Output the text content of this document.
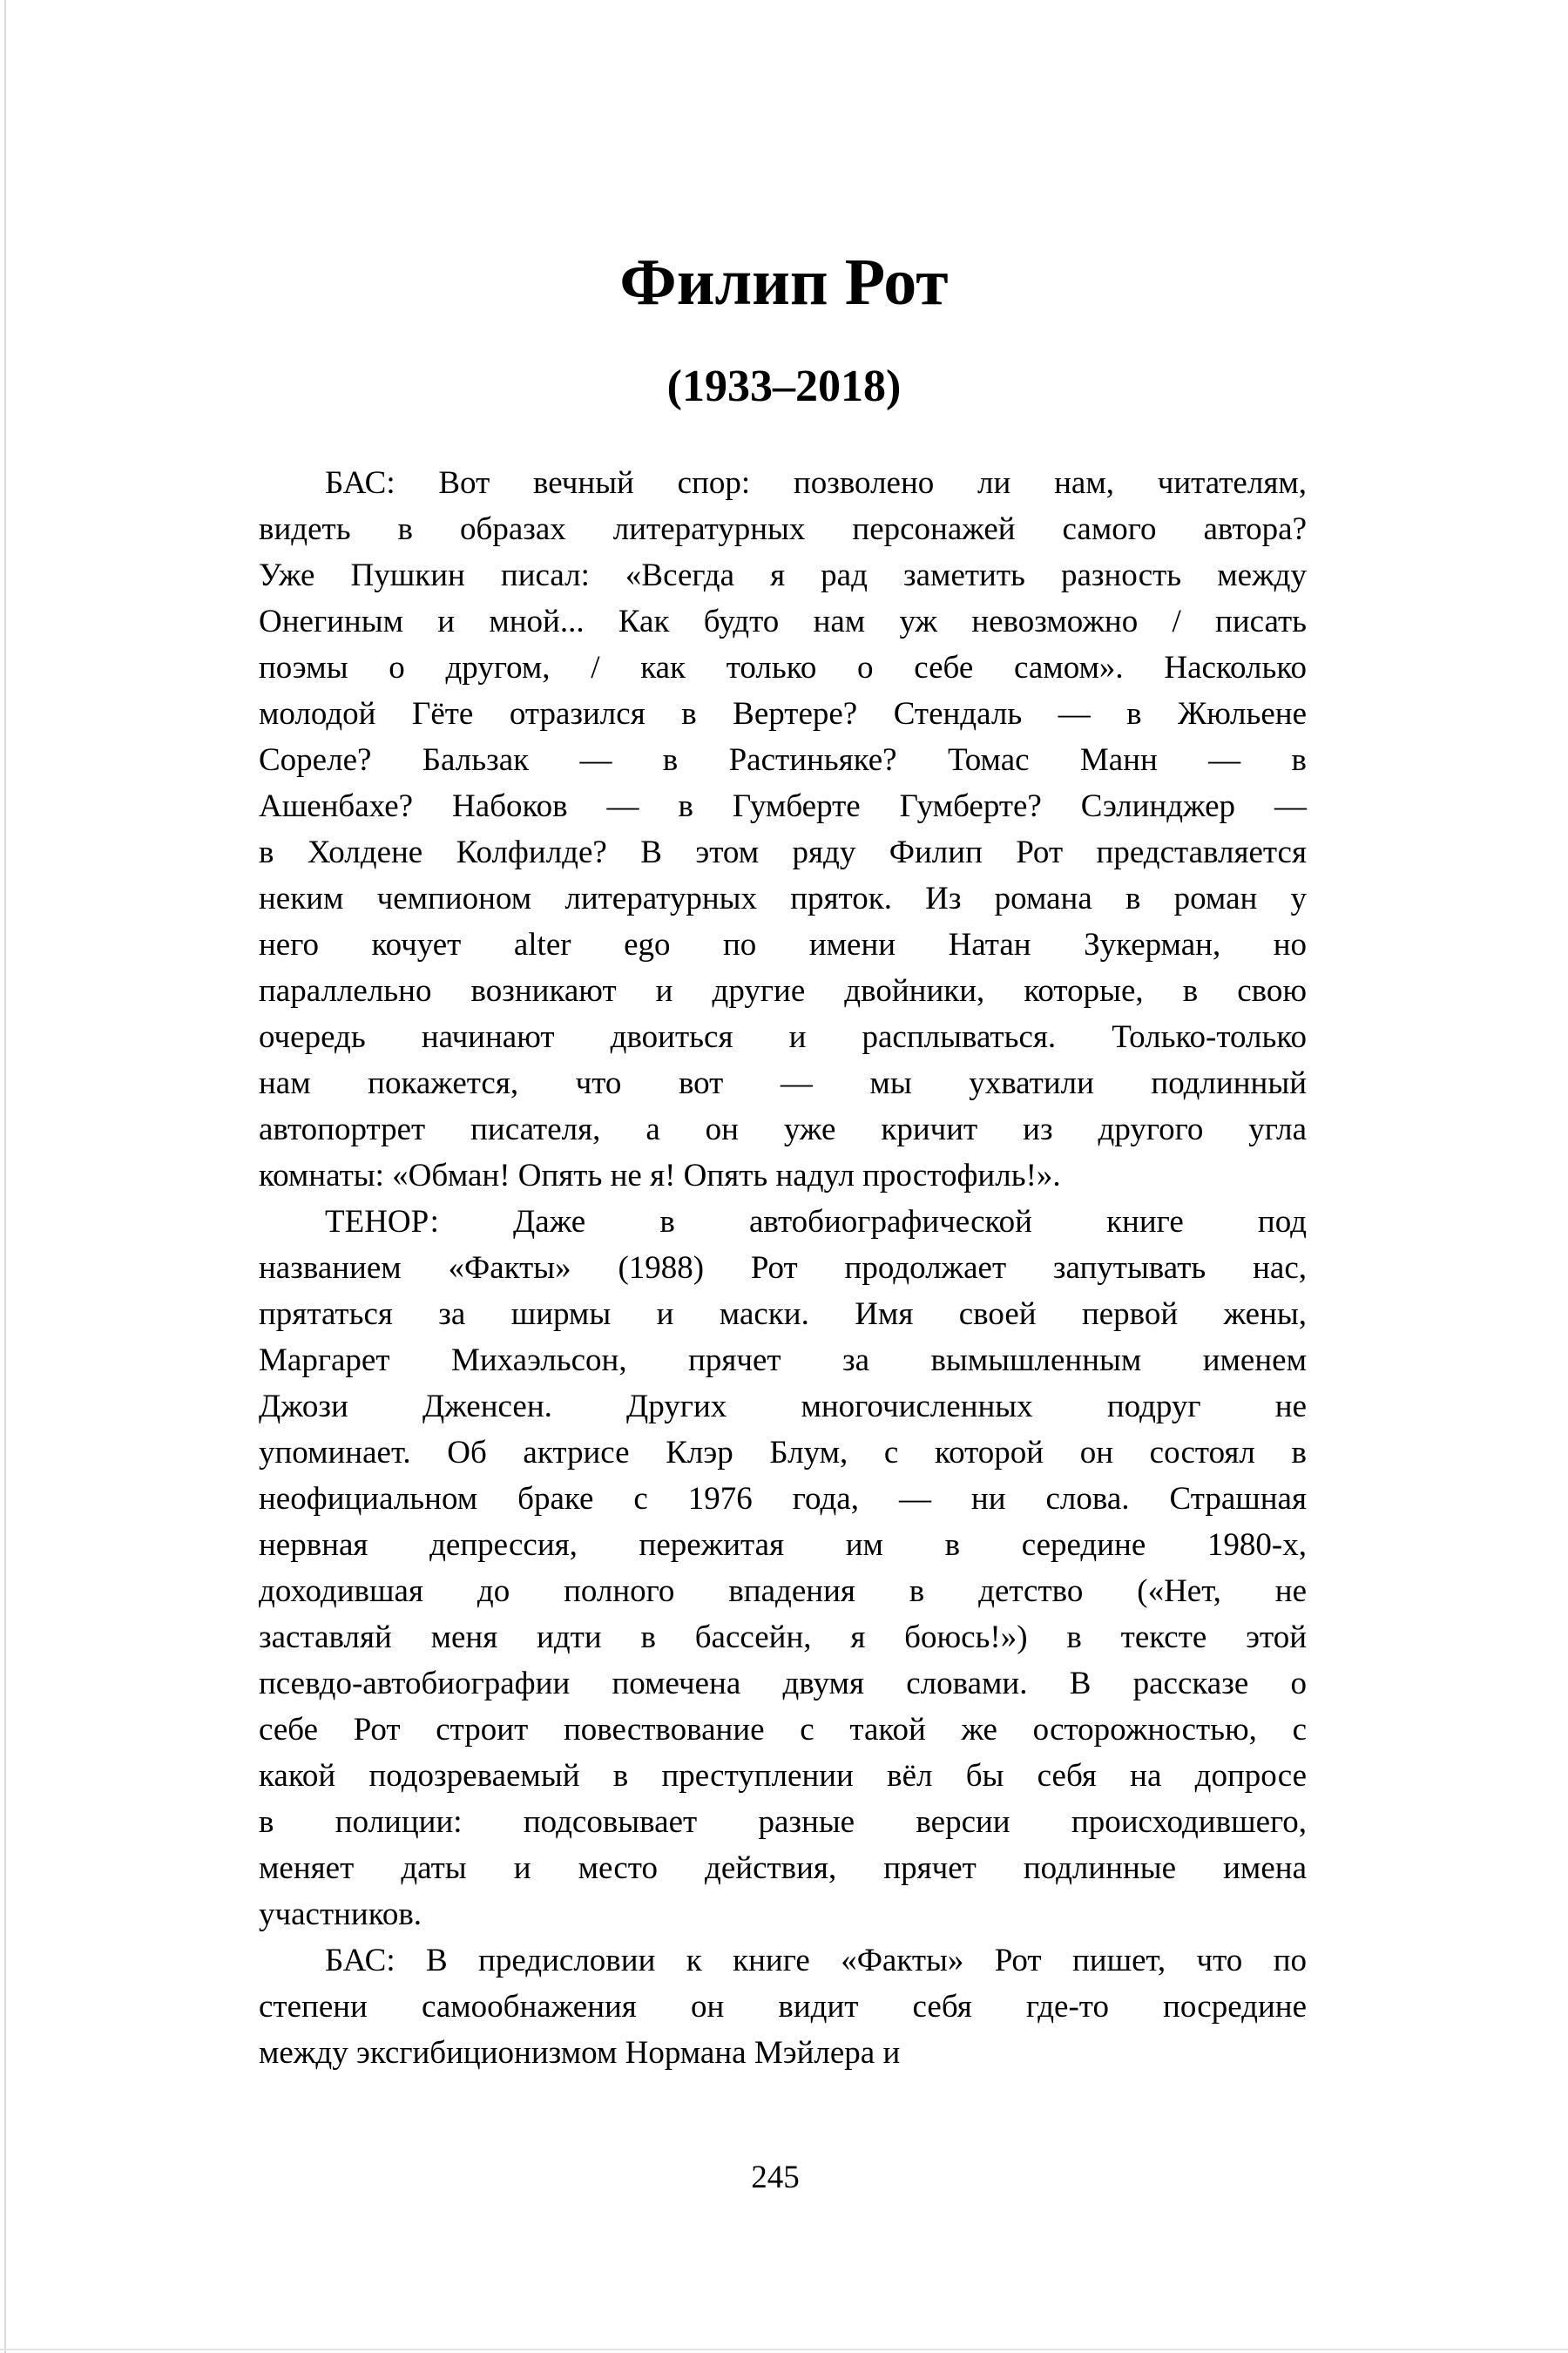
Филип Рот
(1933–2018)
БАС: Вот вечный спор: позволено ли нам, читателям,
видеть в образах литературных персонажей самого автора?
Уже Пушкин писал: «Всегда я рад заметить разность между
Онегиным и мной... Как будто нам уж невозможно / писать
поэмы о другом, / как только о себе самом». Насколько
молодой Гёте отразился в Вертере? Стендаль — в Жюльене
Сореле? Бальзак — в Растиньяке? Томас Манн — в
Ашенбахе? Набоков — в Гумберте Гумберте? Сэлинджер —
в Холдене Колфилде? В этом ряду Филип Рот представляется
неким чемпионом литературных пряток. Из романа в роман у
него кочует alter ego по имени Натан Зукерман, но
параллельно возникают и другие двойники, которые, в свою
очередь начинают двоиться и расплываться. Только-только
нам покажется, что вот — мы ухватили подлинный
автопортрет писателя, а он уже кричит из другого угла
комнаты: «Обман! Опять не я! Опять надул простофиль!».
ТЕНОР: Даже в автобиографической книге под
названием «Факты» (1988) Рот продолжает запутывать нас,
прятаться за ширмы и маски. Имя своей первой жены,
Маргарет Михаэльсон, прячет за вымышленным именем
Джози Дженсен. Других многочисленных подруг не
упоминает. Об актрисе Клэр Блум, с которой он состоял в
неофициальном браке с 1976 года, — ни слова. Страшная
нервная депрессия, пережитая им в середине 1980-х,
доходившая до полного впадения в детство («Нет, не
заставляй меня идти в бассейн, я боюсь!») в тексте этой
псевдо-автобиографии помечена двумя словами. В рассказе о
себе Рот строит повествование с такой же осторожностью, с
какой подозреваемый в преступлении вёл бы себя на допросе
в полиции: подсовывает разные версии происходившего,
меняет даты и место действия, прячет подлинные имена
участников.
БАС: В предисловии к книге «Факты» Рот пишет, что по
степени самообнажения он видит себя где-то посредине
между эксгибиционизмом Нормана Мэйлера и
245
